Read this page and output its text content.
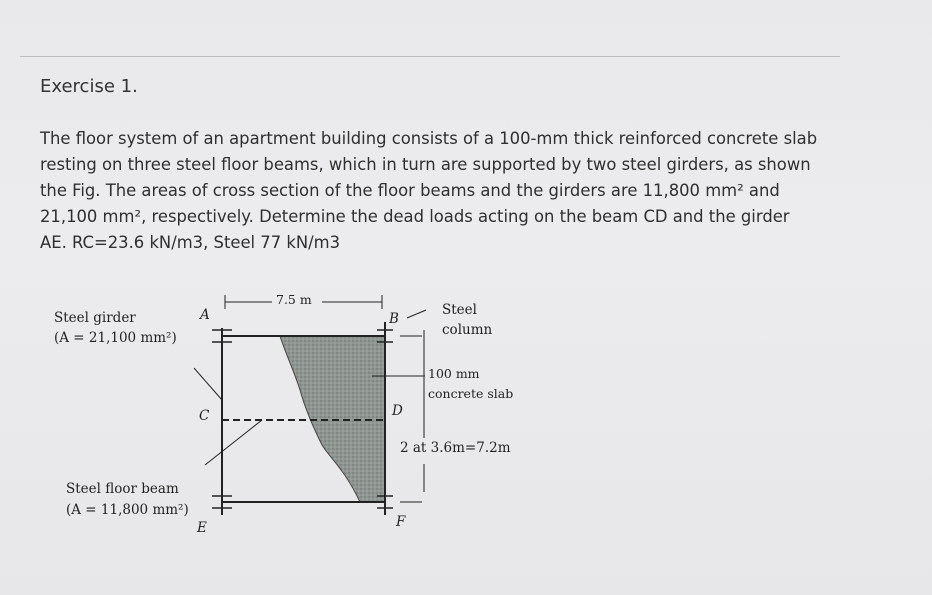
Exercise 1.
The floor system of an apartment building consists of a 100-mm thick reinforced concrete slab
resting on three steel floor beams, which in turn are supported by two steel girders, as shown
the Fig. The areas of cross section of the floor beams and the girders are 11,800 mm² and
21,100 mm², respectively. Determine the dead loads acting on the beam CD and the girder
AE. RC=23.6 kN/m3, Steel 77 kN/m3
Steel girder
(A = 21,100 mm²)
A
7.5 m
B
Steel
column
100 mm
concrete slab
C	D
2 at 3.6m=7.2m
Steel floor beam
(A = 11,800 mm²)
E	F
